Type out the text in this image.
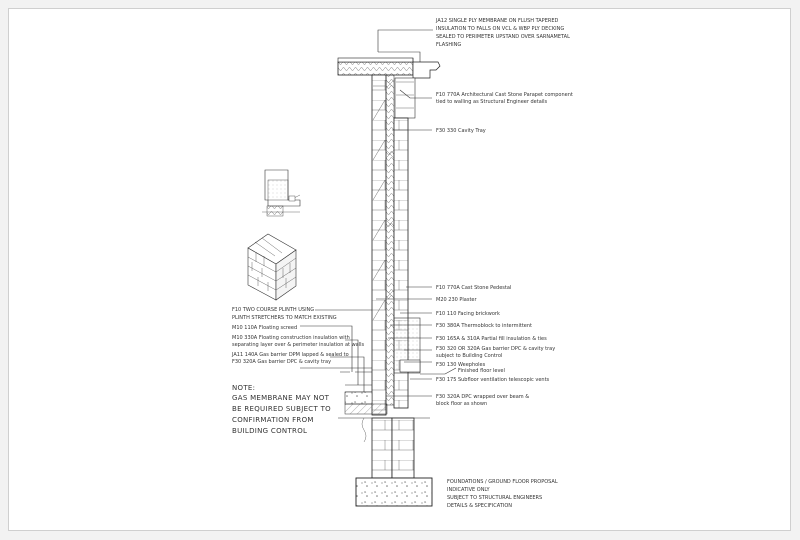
JA12 SINGLE PLY MEMBRANE ON FLUSH TAPERED
INSULATION TO FALLS ON VCL & WBP PLY DECKING
SEALED TO PERIMETER UPSTAND OVER SARNAMETAL
FLASHING
F10 770A Architectural Cast Stone Parapet component
tied to walling as Structural Engineer details
F30 330 Cavity Tray
F10 770A Cast Stone Pedestal
M20 230 Plaster
F10 110 Facing brickwork
F30 380A Thermoblock to intermittent
F30 165A & 310A Partial fill insulation & ties
F30 320 OR 320A Gas barrier DPC & cavity tray
subject to Building Control
F30 130 Weepholes
Finished floor level
F30 175 Subfloor ventilation telescopic vents
F30 320A DPC wrapped over beam &
block floor as shown
F10 TWO COURSE PLINTH USING
PLINTH STRETCHERS TO MATCH EXISTING
M10 110A Floating screed
M10 330A Floating construction insulation with
separating layer over & perimeter insulation at walls
JA11 140A Gas barrier DPM lapped & sealed to
F30 320A Gas barrier DPC & cavity tray
NOTE:
GAS MEMBRANE MAY NOT
BE REQUIRED SUBJECT TO
CONFIRMATION FROM
BUILDING CONTROL
FOUNDATIONS / GROUND FLOOR PROPOSAL
INDICATIVE ONLY
SUBJECT TO STRUCTURAL ENGINEERS
DETAILS & SPECIFICATION
